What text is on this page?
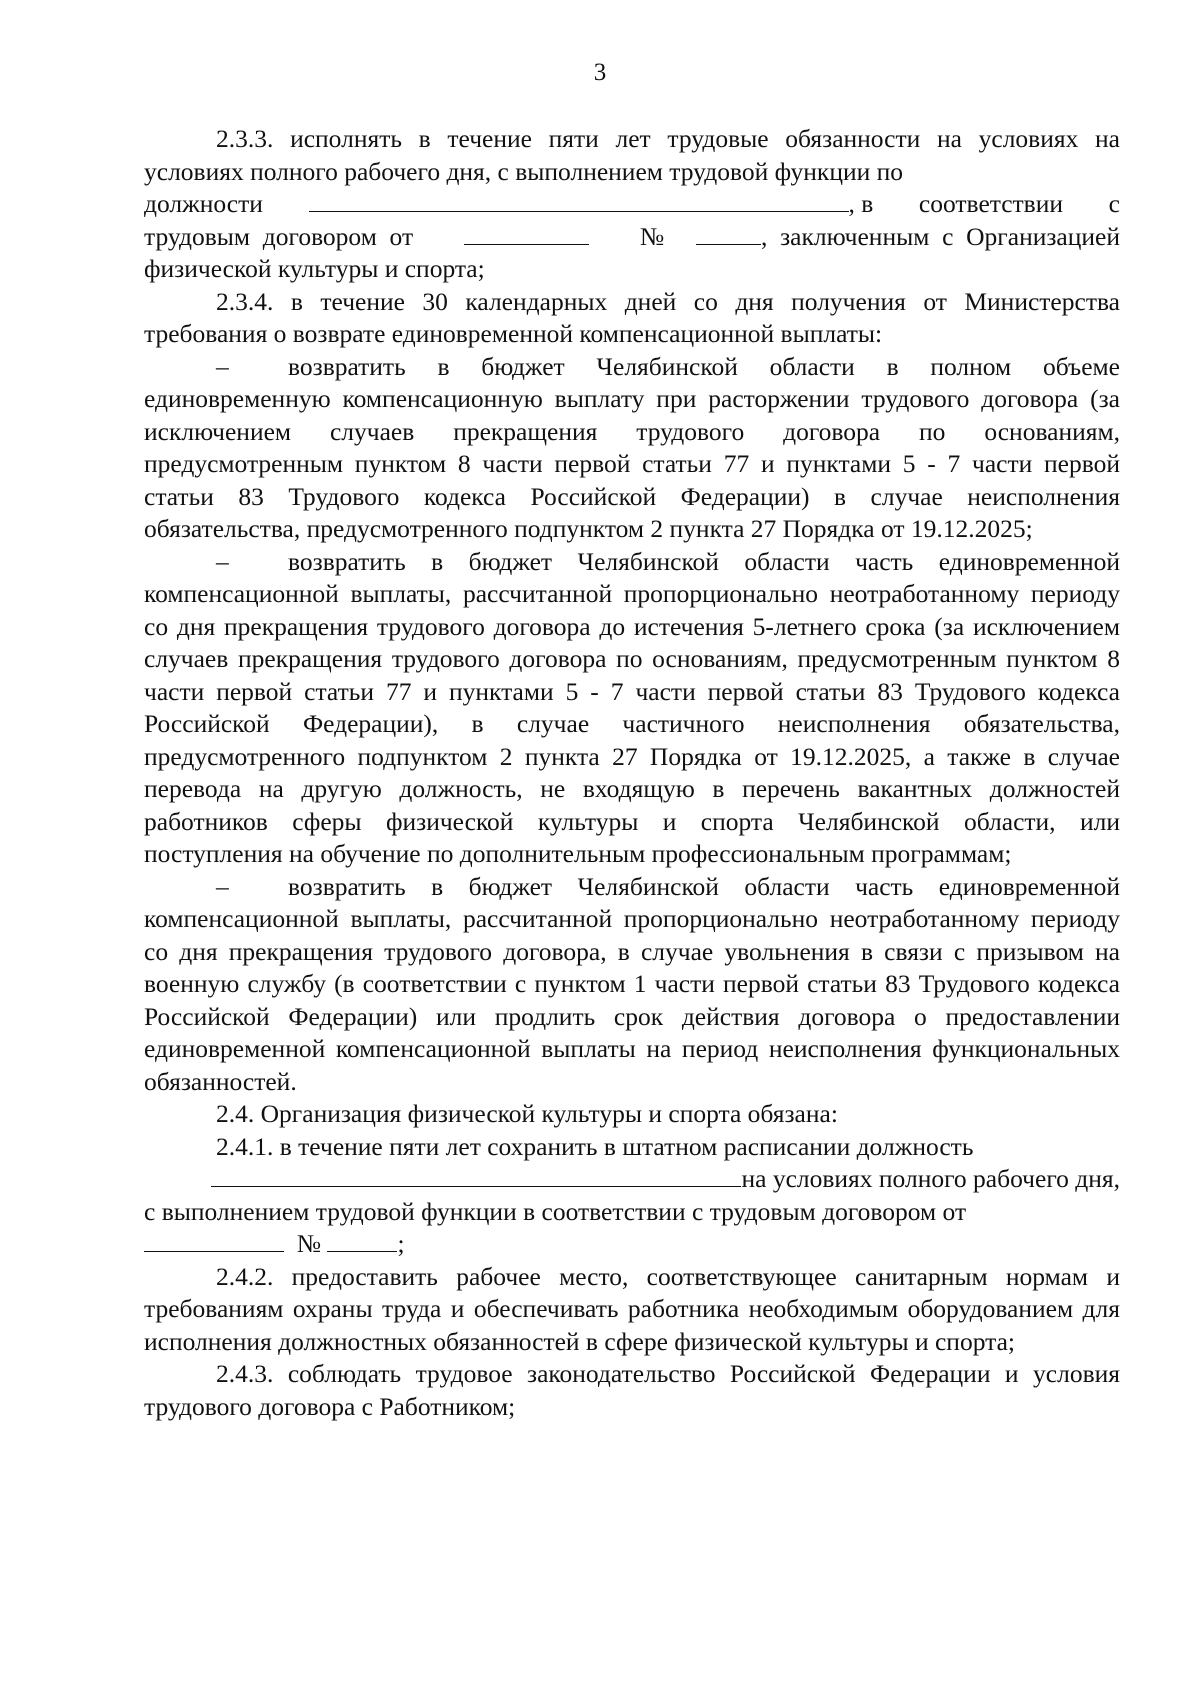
3

2.3.3. исполнять в течение пяти лет трудовые обязанности на условиях на условиях полного рабочего дня, с выполнением трудовой функции по

должности	, в соответствии с

трудовым договором от	№	, заключенным с Организацией физической культуры и спорта;

2.3.4. в течение 30 календарных дней со дня получения от Министерства требования о возврате единовременной компенсационной выплаты:

– возвратить в бюджет Челябинской области в полном объеме единовременную компенсационную выплату при расторжении трудового договора (за исключением случаев прекращения трудового договора по основаниям, предусмотренным пунктом 8 части первой статьи 77 и пунктами 5 - 7 части первой статьи 83 Трудового кодекса Российской Федерации) в случае неисполнения обязательства, предусмотренного подпунктом 2 пункта 27 Порядка от 19.12.2025;

– возвратить в бюджет Челябинской области часть единовременной компенсационной выплаты, рассчитанной пропорционально неотработанному периоду со дня прекращения трудового договора до истечения 5-летнего срока (за исключением случаев прекращения трудового договора по основаниям, предусмотренным пунктом 8 части первой статьи 77 и пунктами 5 - 7 части первой статьи 83 Трудового кодекса Российской Федерации), в случае частичного неисполнения обязательства, предусмотренного подпунктом 2 пункта 27 Порядка от 19.12.2025, а также в случае перевода на другую должность, не входящую в перечень вакантных должностей работников сферы физической культуры и спорта Челябинской области, или поступления на обучение по дополнительным профессиональным программам;

– возвратить в бюджет Челябинской области часть единовременной компенсационной выплаты, рассчитанной пропорционально неотработанному периоду со дня прекращения трудового договора, в случае увольнения в связи с призывом на военную службу (в соответствии с пунктом 1 части первой статьи 83 Трудового кодекса Российской Федерации) или продлить срок действия договора о предоставлении единовременной компенсационной выплаты на период неисполнения функциональных обязанностей.

2.4. Организация физической культуры и спорта обязана:

2.4.1. в течение пяти лет сохранить в штатном расписании должность

на условиях полного рабочего дня,

с выполнением трудовой функции в соответствии с трудовым договором от

№	;

2.4.2. предоставить рабочее место, соответствующее санитарным нормам и требованиям охраны труда и обеспечивать работника необходимым оборудованием для исполнения должностных обязанностей в сфере физической культуры и спорта;

2.4.3. соблюдать трудовое законодательство Российской Федерации и условия трудового договора с Работником;
